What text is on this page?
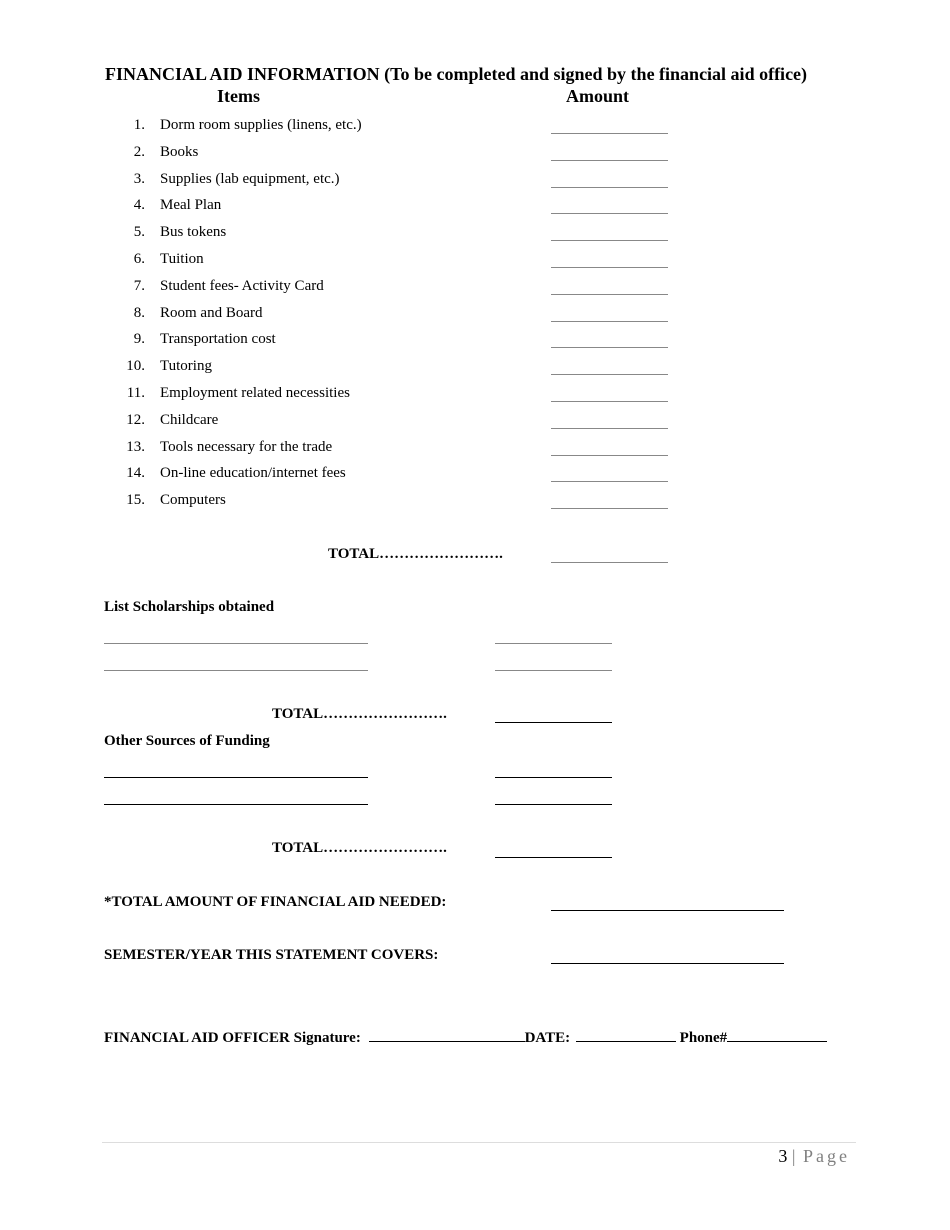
FINANCIAL AID INFORMATION (To be completed and signed by the financial aid office)
Items	Amount
1. Dorm room supplies (linens, etc.)
2. Books
3. Supplies (lab equipment, etc.)
4. Meal Plan
5. Bus tokens
6. Tuition
7. Student fees- Activity Card
8. Room and Board
9. Transportation cost
10. Tutoring
11. Employment related necessities
12. Childcare
13. Tools necessary for the trade
14. On-line education/internet fees
15. Computers
TOTAL…………………….
List Scholarships obtained
TOTAL…………………….
Other Sources of Funding
TOTAL…………………….
*TOTAL AMOUNT OF FINANCIAL AID NEEDED:
SEMESTER/YEAR THIS STATEMENT COVERS:
FINANCIAL AID OFFICER Signature:	DATE:	Phone#
3 | Page
